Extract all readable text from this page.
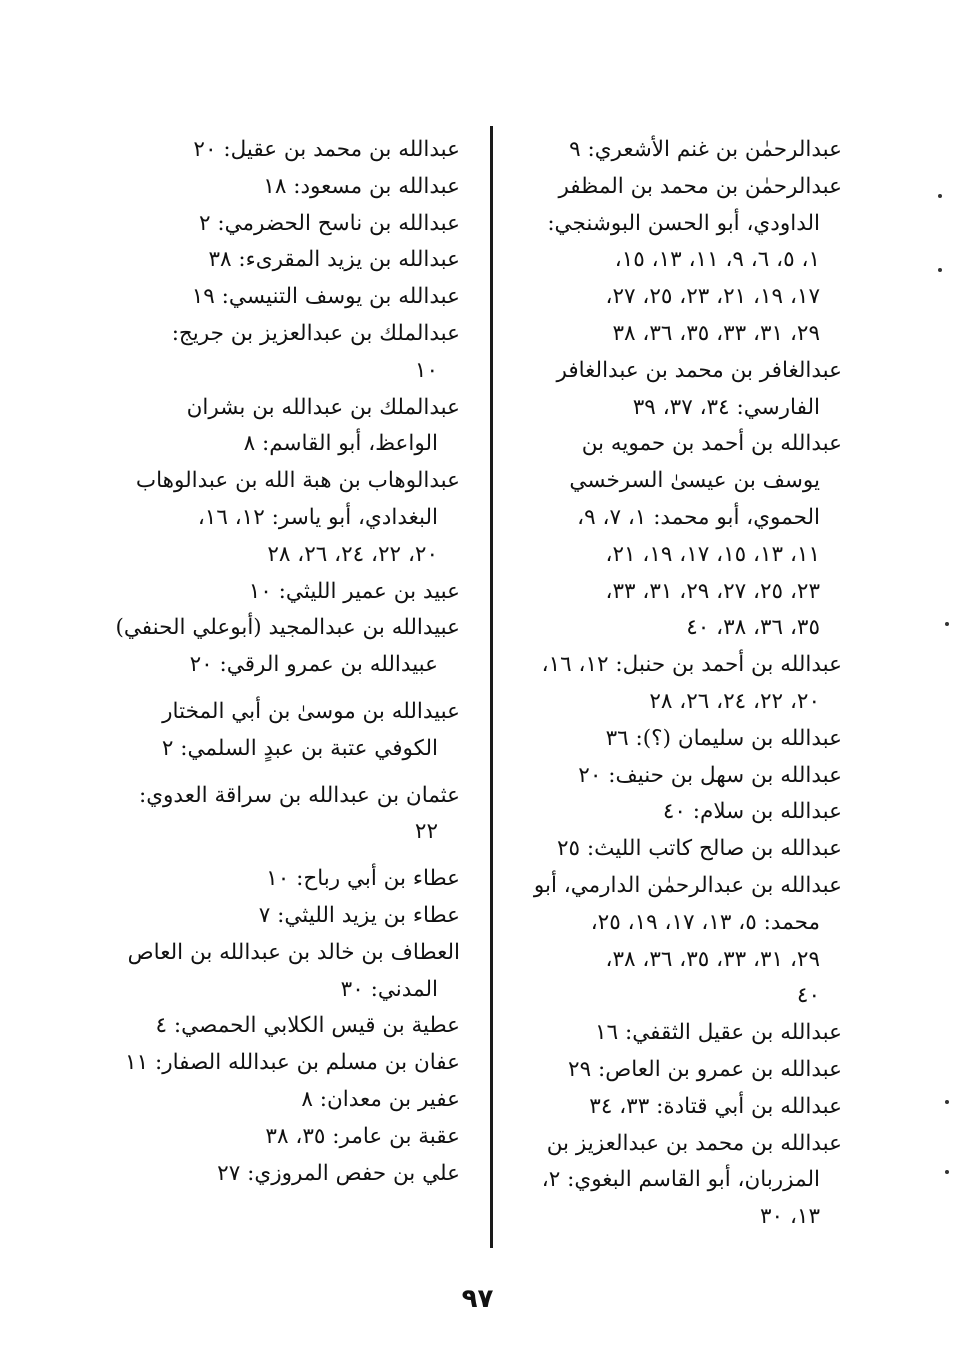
عبدالرحمٰن بن غنم الأشعري: ٩
عبدالرحمٰن بن محمد بن المظفر
الداودي، أبو الحسن البوشنجي:
١، ٥، ٦، ٩، ١١، ١٣، ١٥،
١٧، ١٩، ٢١، ٢٣، ٢٥، ٢٧،
٢٩، ٣١، ٣٣، ٣٥، ٣٦، ٣٨
عبدالغافر بن محمد بن عبدالغافر
الفارسي: ٣٤، ٣٧، ٣٩
عبدالله بن أحمد بن حمويه بن
يوسف بن عيسىٰ السرخسي
الحموي، أبو محمد: ١، ٧، ٩،
١١، ١٣، ١٥، ١٧، ١٩، ٢١،
٢٣، ٢٥، ٢٧، ٢٩، ٣١، ٣٣،
٣٥، ٣٦، ٣٨، ٤٠
عبدالله بن أحمد بن حنبل: ١٢، ١٦،
٢٠، ٢٢، ٢٤، ٢٦، ٢٨
عبدالله بن سليمان (؟): ٣٦
عبدالله بن سهل بن حنيف: ٢٠
عبدالله بن سلام: ٤٠
عبدالله بن صالح كاتب الليث: ٢٥
عبدالله بن عبدالرحمٰن الدارمي، أبو
محمد: ٥، ١٣، ١٧، ١٩، ٢٥،
٢٩، ٣١، ٣٣، ٣٥، ٣٦، ٣٨،
٤٠
عبدالله بن عقيل الثقفي: ١٦
عبدالله بن عمرو بن العاص: ٢٩
عبدالله بن أبي قتادة: ٣٣، ٣٤
عبدالله بن محمد بن عبدالعزيز بن
المزربان، أبو القاسم البغوي: ٢،
١٣، ٣٠
عبدالله بن محمد بن عقيل: ٢٠
عبدالله بن مسعود: ١٨
عبدالله بن ناسح الحضرمي: ٢
عبدالله بن يزيد المقرىء: ٣٨
عبدالله بن يوسف التنيسي: ١٩
عبدالملك بن عبدالعزيز بن جريج:
١٠
عبدالملك بن عبدالله بن بشران
الواعظ، أبو القاسم: ٨
عبدالوهاب بن هبة الله بن عبدالوهاب
البغدادي، أبو ياسر: ١٢، ١٦،
٢٠، ٢٢، ٢٤، ٢٦، ٢٨
عبيد بن عمير الليثي: ١٠
عبيدالله بن عبدالمجيد (أبوعلي الحنفي)
عبيدالله بن عمرو الرقي: ٢٠
عبيدالله بن موسىٰ بن أبي المختار
الكوفي عتبة بن عبدٍ السلمي: ٢
عثمان بن عبدالله بن سراقة العدوي:
٢٢
عطاء بن أبي رباح: ١٠
عطاء بن يزيد الليثي: ٧
العطاف بن خالد بن عبدالله بن العاص
المدني: ٣٠
عطية بن قيس الكلابي الحمصي: ٤
عفان بن مسلم بن عبدالله الصفار: ١١
عفير بن معدان: ٨
عقبة بن عامر: ٣٥، ٣٨
علي بن حفص المروزي: ٢٧
٩٧
